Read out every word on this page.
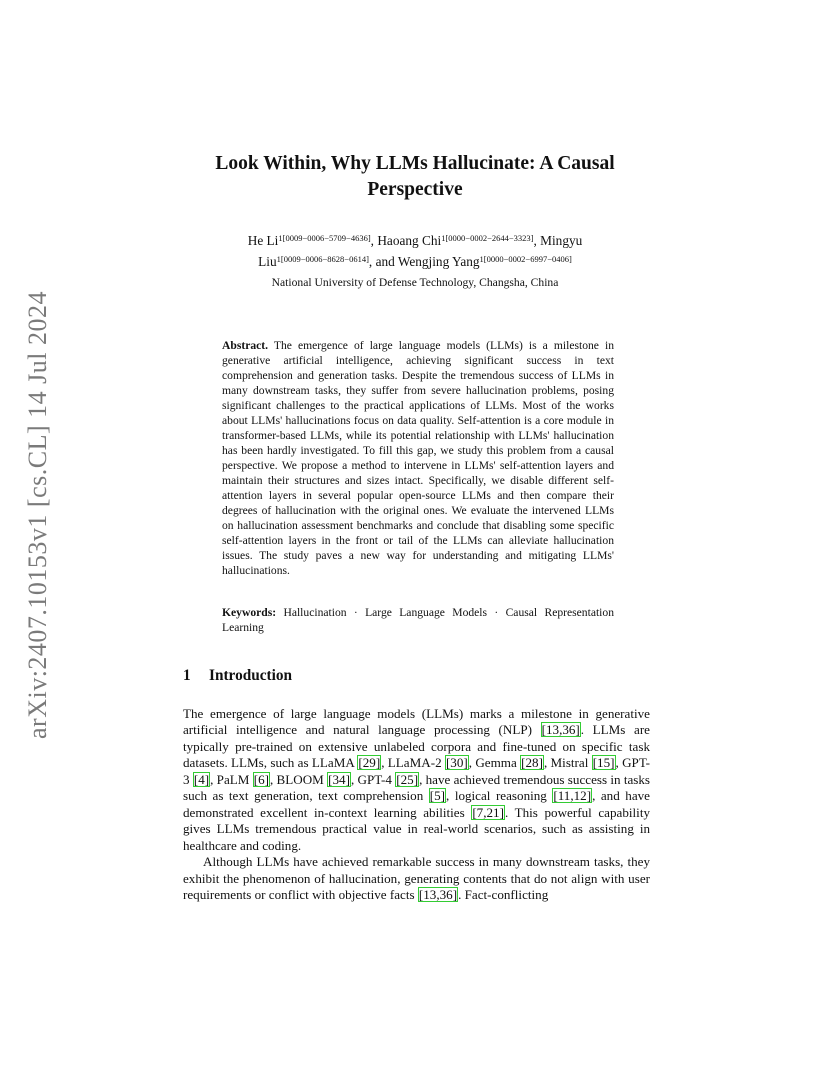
arXiv:2407.10153v1 [cs.CL] 14 Jul 2024
Look Within, Why LLMs Hallucinate: A Causal
Perspective
He $Li^{1[0009-0006-5709-4636]}$, Haoang Chi$^{1[0000-0002-2644-3323]}$, Mingyu Liu$^{1[0009-0006-8628-0614]}$, and Wengjing Yang$^{1[0000-0002-6997-0406]}$
National University of Defense Technology, Changsha, China

Abstract. The emergence of large language models (LLMs) is a milestone in generative artificial intelligence, achieving significant success in text comprehension and generation tasks. Despite the tremendous success of LLMs in many downstream tasks, they suffer from severe hallucination problems, posing significant challenges to the practical applications of LLMs. Most of the works about LLMs' hallucinations focus on data quality. Self-attention is a core module in transformer-based LLMs, while its potential relationship with LLMs' hallucination has been hardly investigated. To fill this gap, we study this problem from a causal perspective. We propose a method to intervene in LLMs' self-attention layers and maintain their structures and sizes intact. Specifically, we disable different self-attention layers in several popular open-source LLMs and then compare their degrees of hallucination with the original ones. We evaluate the intervened LLMs on hallucination assessment benchmarks and conclude that disabling some specific self-attention layers in the front or tail of the LLMs can alleviate hallucination issues. The study paves a new way for understanding and mitigating LLMs' hallucinations.

Keywords: Hallucination · Large Language Models · Causal Representation Learning

1 Introduction

The emergence of large language models (LLMs) marks a milestone in generative artificial intelligence and natural language processing (NLP) [13,36]. LLMs are typically pre-trained on extensive unlabeled corpora and fine-tuned on specific task datasets. LLMs, such as LLaMA [29], LLaMA-2 [30], Gemma [28], Mistral [15], GPT-3 [4], PaLM [6], BLOOM [34], GPT-4 [25], have achieved tremendous success in tasks such as text generation, text comprehension [5], logical reasoning [11,12], and have demonstrated excellent in-context learning abilities [7,21]. This powerful capability gives LLMs tremendous practical value in real-world scenarios, such as assisting in healthcare and coding.

Although LLMs have achieved remarkable success in many downstream tasks, they exhibit the phenomenon of hallucination, generating contents that do not align with user requirements or conflict with objective facts [13,36]. Fact-conflicting
